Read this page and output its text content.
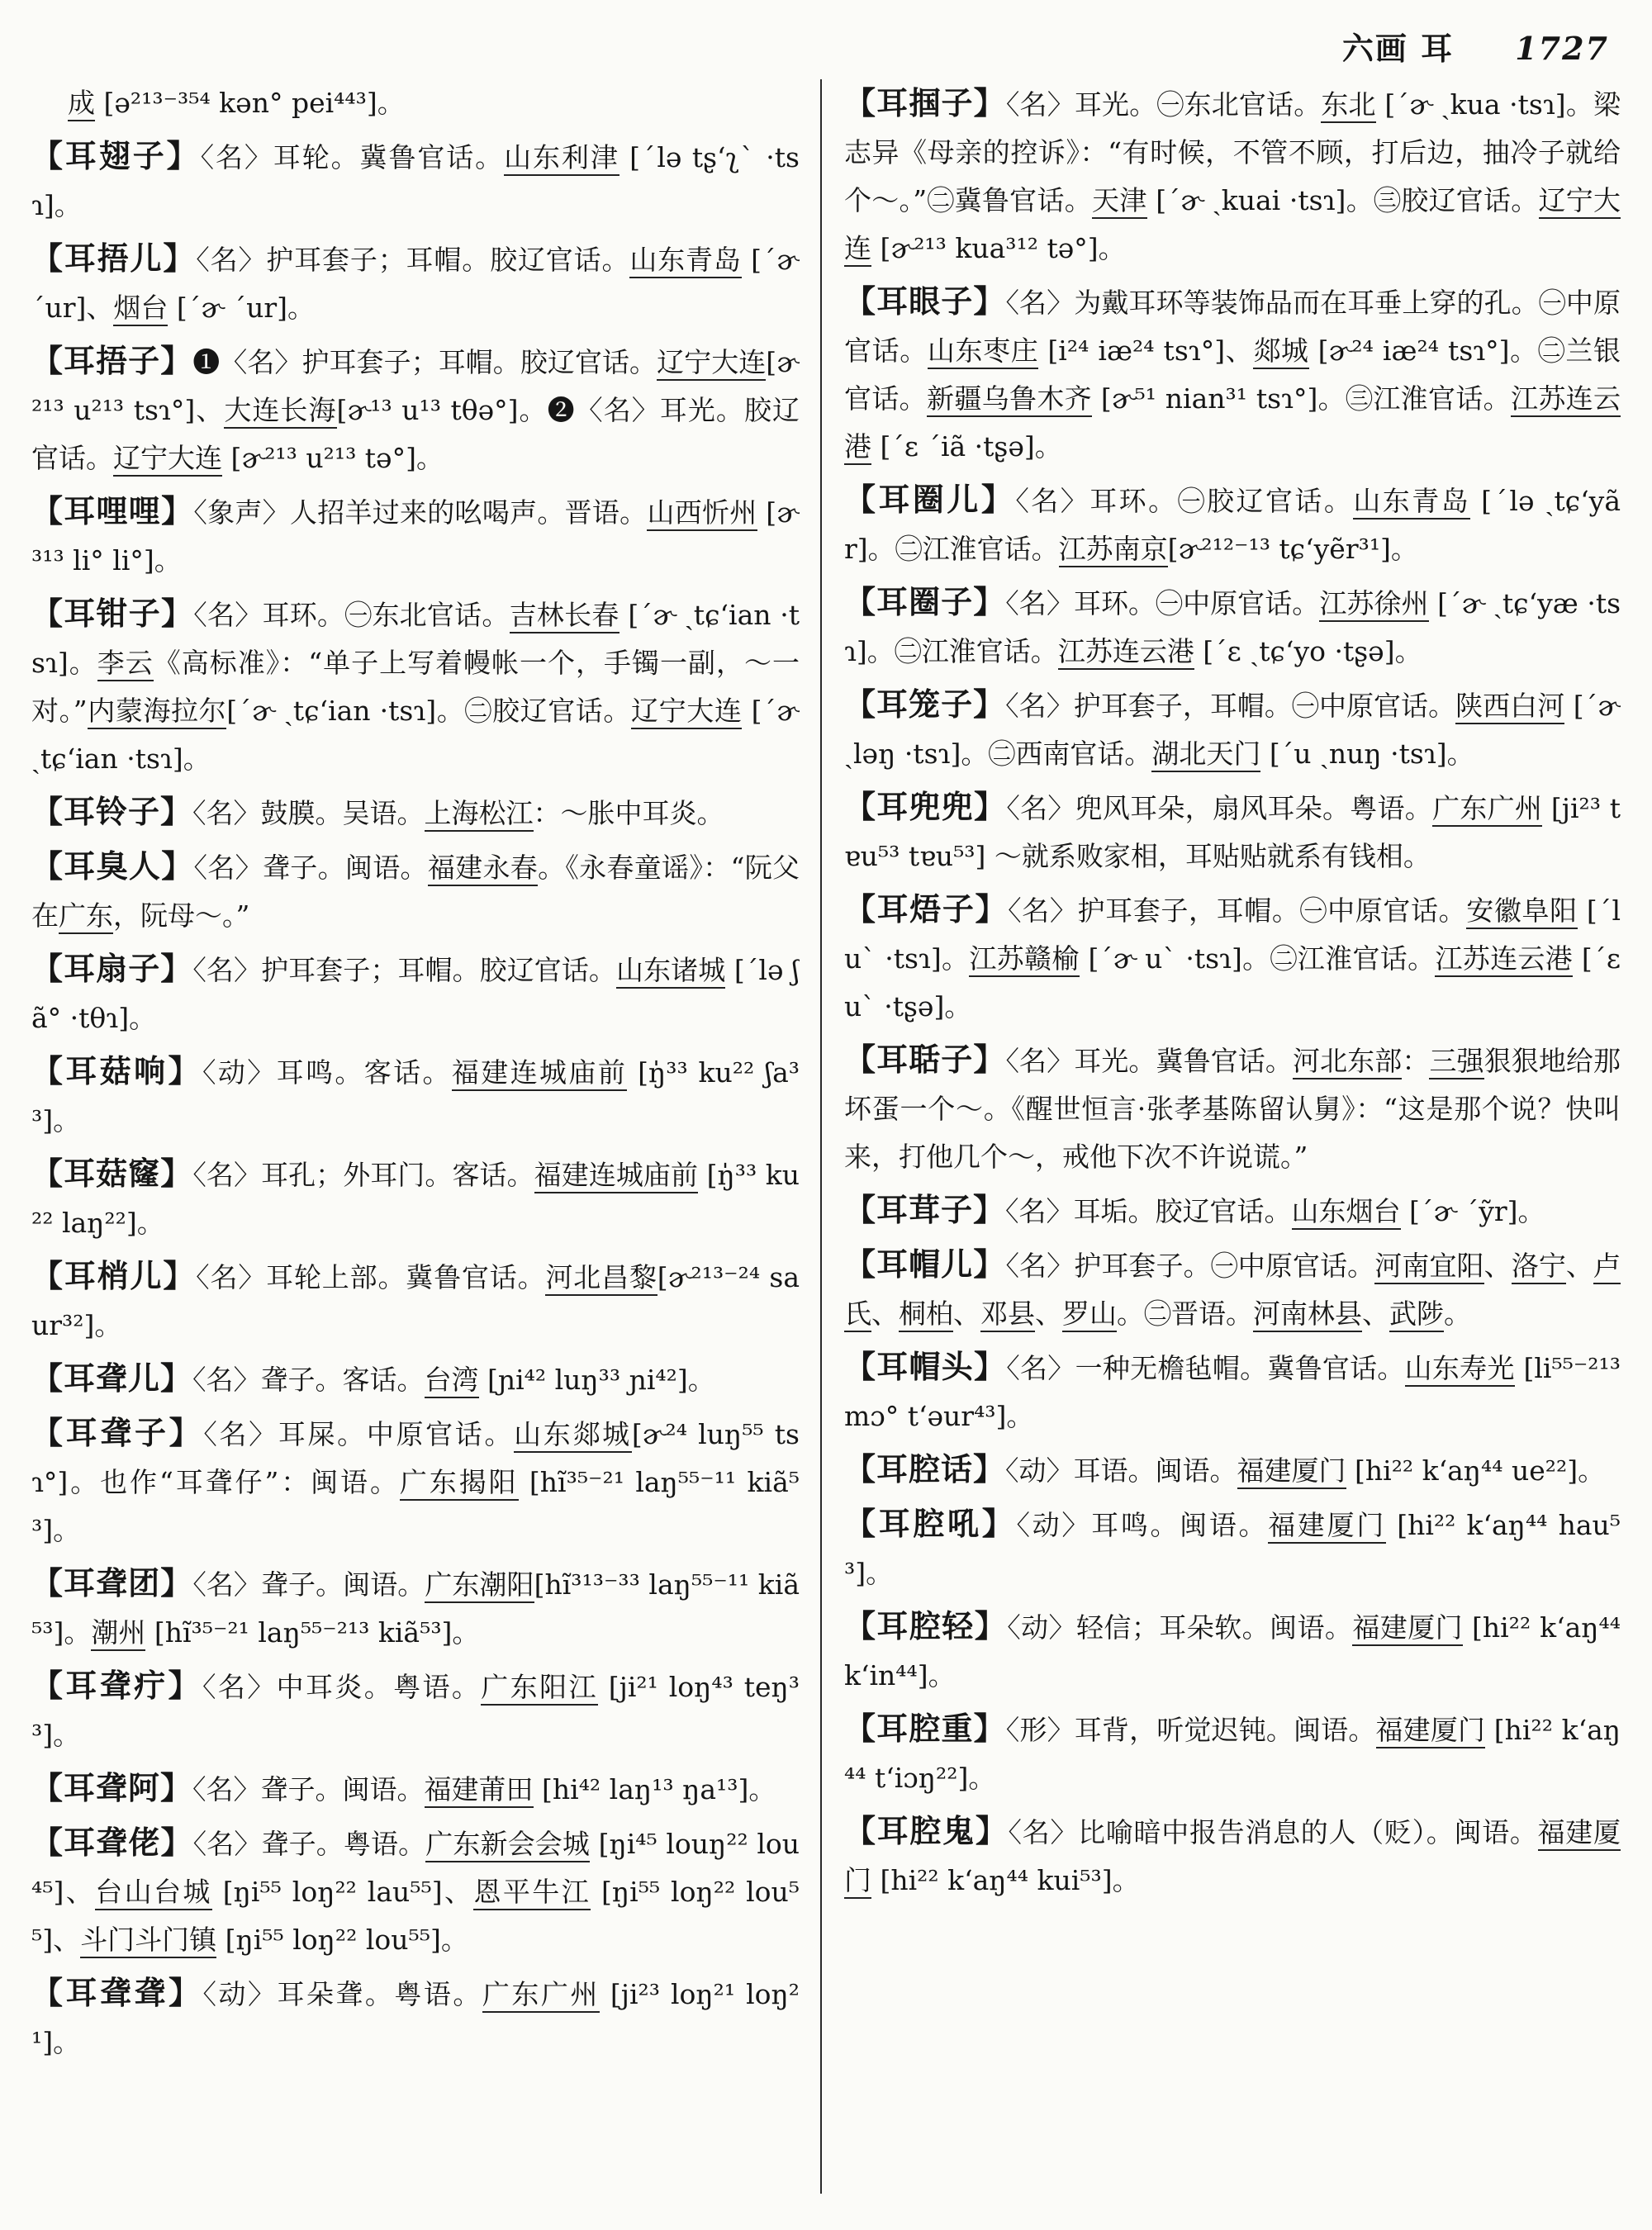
六画 耳 1727
成 [ə²¹³⁻³⁵⁴ kən° pei⁴⁴³]。
【耳翅子】〈名〉耳轮。冀鲁官话。山东利津 [ˊlə tʂʻʅˋ ·tsɿ]。
【耳捂儿】〈名〉护耳套子；耳帽。胶辽官话。山东青岛 [ˊɚ ˊur]、烟台 [ˊɚ ˊur]。
【耳捂子】❶〈名〉护耳套子；耳帽。胶辽官话。辽宁大连[ɚ²¹³ u²¹³ tsɿ°]、大连长海[ɚ¹³ u¹³ tθə°]。❷〈名〉耳光。胶辽官话。辽宁大连 [ɚ²¹³ u²¹³ tə°]。
【耳哩哩】〈象声〉人招羊过来的吆喝声。晋语。山西忻州 [ɚ³¹³ li° li°]。
【耳钳子】〈名〉耳环。㊀东北官话。吉林长春 [ˊɚ ˏtɕʻian ·tsɿ]。李云《高标准》：“单子上写着幔帐一个，手镯一副，～一对。”内蒙海拉尔[ˊɚ ˏtɕʻian ·tsɿ]。㊁胶辽官话。辽宁大连 [ˊɚ ˏtɕʻian ·tsɿ]。
【耳铃子】〈名〉鼓膜。吴语。上海松江：～胀中耳炎。
【耳臭人】〈名〉聋子。闽语。福建永春。《永春童谣》：“阮父在广东，阮母～。”
【耳扇子】〈名〉护耳套子；耳帽。胶辽官话。山东诸城 [ˊlə ʃã° ·tθɿ]。
【耳菇响】〈动〉耳鸣。客话。福建连城庙前 [ŋ̍³³ ku²² ʃa³³]。
【耳菇窿】〈名〉耳孔；外耳门。客话。福建连城庙前 [ŋ̍³³ ku²² laŋ²²]。
【耳梢儿】〈名〉耳轮上部。冀鲁官话。河北昌黎[ɚ²¹³⁻²⁴ saur³²]。
【耳聋儿】〈名〉聋子。客话。台湾 [ɲi⁴² luŋ³³ ɲi⁴²]。
【耳聋子】〈名〉耳屎。中原官话。山东郯城[ɚ²⁴ luŋ⁵⁵ tsɿ°]。也作“耳聋仔”：闽语。广东揭阳 [hĩ³⁵⁻²¹ laŋ⁵⁵⁻¹¹ kiã⁵³]。
【耳聋团】〈名〉聋子。闽语。广东潮阳[hĩ³¹³⁻³³ laŋ⁵⁵⁻¹¹ kiã⁵³]。潮州 [hĩ³⁵⁻²¹ laŋ⁵⁵⁻²¹³ kiã⁵³]。
【耳聋疔】〈名〉中耳炎。粤语。广东阳江 [ji²¹ loŋ⁴³ teŋ³³]。
【耳聋阿】〈名〉聋子。闽语。福建莆田 [hi⁴² laŋ¹³ ŋa¹³]。
【耳聋佬】〈名〉聋子。粤语。广东新会会城 [ŋi⁴⁵ louŋ²² lou⁴⁵]、台山台城 [ŋi⁵⁵ loŋ²² lau⁵⁵]、恩平牛江 [ŋi⁵⁵ loŋ²² lou⁵⁵]、斗门斗门镇 [ŋi⁵⁵ loŋ²² lou⁵⁵]。
【耳聋聋】〈动〉耳朵聋。粤语。广东广州 [ji²³ loŋ²¹ loŋ²¹]。
【耳掴子】〈名〉耳光。㊀东北官话。东北 [ˊɚ ˏkua ·tsɿ]。梁志异《母亲的控诉》：“有时候，不管不顾，打后边，抽冷子就给个～。”㊁冀鲁官话。天津 [ˊɚ ˏkuai ·tsɿ]。㊂胶辽官话。辽宁大连 [ɚ²¹³ kua³¹² tə°]。
【耳眼子】〈名〉为戴耳环等装饰品而在耳垂上穿的孔。㊀中原官话。山东枣庄 [i²⁴ iæ²⁴ tsɿ°]、郯城 [ɚ²⁴ iæ²⁴ tsɿ°]。㊁兰银官话。新疆乌鲁木齐 [ɚ⁵¹ nian³¹ tsɿ°]。㊂江淮官话。江苏连云港 [ˊɛ ˊiã ·tʂə]。
【耳圈儿】〈名〉耳环。㊀胶辽官话。山东青岛 [ˊlə ˏtɕʻyãr]。㊁江淮官话。江苏南京[ɚ²¹²⁻¹³ tɕʻyẽr³¹]。
【耳圈子】〈名〉耳环。㊀中原官话。江苏徐州 [ˊɚ ˏtɕʻyæ ·tsɿ]。㊁江淮官话。江苏连云港 [ˊɛ ˏtɕʻyo ·tʂə]。
【耳笼子】〈名〉护耳套子，耳帽。㊀中原官话。陕西白河 [ˊɚ ˏləŋ ·tsɿ]。㊁西南官话。湖北天门 [ˊu ˏnuŋ ·tsɿ]。
【耳兜兜】〈名〉兜风耳朵，扇风耳朵。粤语。广东广州 [ji²³ tɐu⁵³ tɐu⁵³] ～就系败家相，耳贴贴就系有钱相。
【耳焐子】〈名〉护耳套子，耳帽。㊀中原官话。安徽阜阳 [ˊl uˋ ·tsɿ]。江苏赣榆 [ˊɚ uˋ ·tsɿ]。㊁江淮官话。江苏连云港 [ˊɛ uˋ ·tʂə]。
【耳聒子】〈名〉耳光。冀鲁官话。河北东部：三强狠狠地给那坏蛋一个～。《醒世恒言·张孝基陈留认舅》：“这是那个说？快叫来，打他几个～，戒他下次不许说谎。”
【耳茸子】〈名〉耳垢。胶辽官话。山东烟台 [ˊɚ ˊỹr]。
【耳帽儿】〈名〉护耳套子。㊀中原官话。河南宜阳、洛宁、卢氏、桐柏、邓县、罗山。㊁晋语。河南林县、武陟。
【耳帽头】〈名〉一种无檐毡帽。冀鲁官话。山东寿光 [li⁵⁵⁻²¹³ mɔ° tʻəur⁴³]。
【耳腔话】〈动〉耳语。闽语。福建厦门 [hi²² kʻaŋ⁴⁴ ue²²]。
【耳腔吼】〈动〉耳鸣。闽语。福建厦门 [hi²² kʻaŋ⁴⁴ hau⁵³]。
【耳腔轻】〈动〉轻信；耳朵软。闽语。福建厦门 [hi²² kʻaŋ⁴⁴ kʻin⁴⁴]。
【耳腔重】〈形〉耳背，听觉迟钝。闽语。福建厦门 [hi²² kʻaŋ⁴⁴ tʻiɔŋ²²]。
【耳腔鬼】〈名〉比喻暗中报告消息的人（贬）。闽语。福建厦门 [hi²² kʻaŋ⁴⁴ kui⁵³]。
